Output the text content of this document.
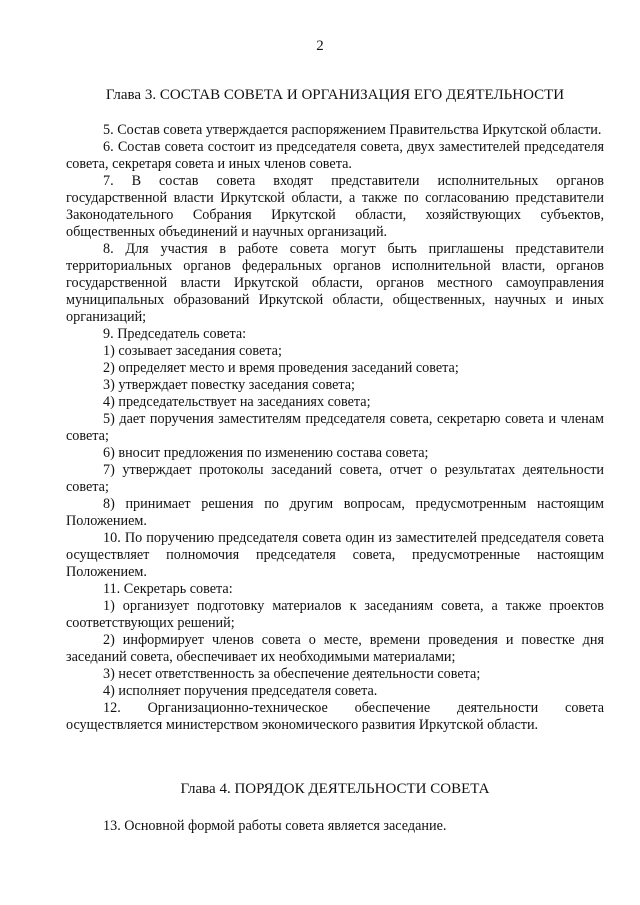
2
Глава 3. СОСТАВ СОВЕТА И ОРГАНИЗАЦИЯ ЕГО ДЕЯТЕЛЬНОСТИ

5. Состав совета утверждается распоряжением Правительства Иркутской области.

6. Состав совета состоит из председателя совета, двух заместителей председателя совета, секретаря совета и иных членов совета.

7. В состав совета входят представители исполнительных органов государственной власти Иркутской области, а также по согласованию представители Законодательного Собрания Иркутской области, хозяйствующих субъектов, общественных объединений и научных организаций.

8. Для участия в работе совета могут быть приглашены представители территориальных органов федеральных органов исполнительной власти, органов государственной власти Иркутской области, органов местного самоуправления муниципальных образований Иркутской области, общественных, научных и иных организаций;

9. Председатель совета:

1) созывает заседания совета;

2) определяет место и время проведения заседаний совета;

3) утверждает повестку заседания совета;

4) председательствует на заседаниях совета;

5) дает поручения заместителям председателя совета, секретарю совета и членам совета;

6) вносит предложения по изменению состава совета;

7) утверждает протоколы заседаний совета, отчет о результатах деятельности совета;

8) принимает решения по другим вопросам, предусмотренным настоящим Положением.

10. По поручению председателя совета один из заместителей председателя совета осуществляет полномочия председателя совета, предусмотренные настоящим Положением.

11. Секретарь совета:

1) организует подготовку материалов к заседаниям совета, а также проектов соответствующих решений;

2) информирует членов совета о месте, времени проведения и повестке дня заседаний совета, обеспечивает их необходимыми материалами;

3) несет ответственность за обеспечение деятельности совета;

4) исполняет поручения председателя совета.

12. Организационно-техническое обеспечение деятельности совета осуществляется министерством экономического развития Иркутской области.

Глава 4. ПОРЯДОК ДЕЯТЕЛЬНОСТИ СОВЕТА

13. Основной формой работы совета является заседание.
